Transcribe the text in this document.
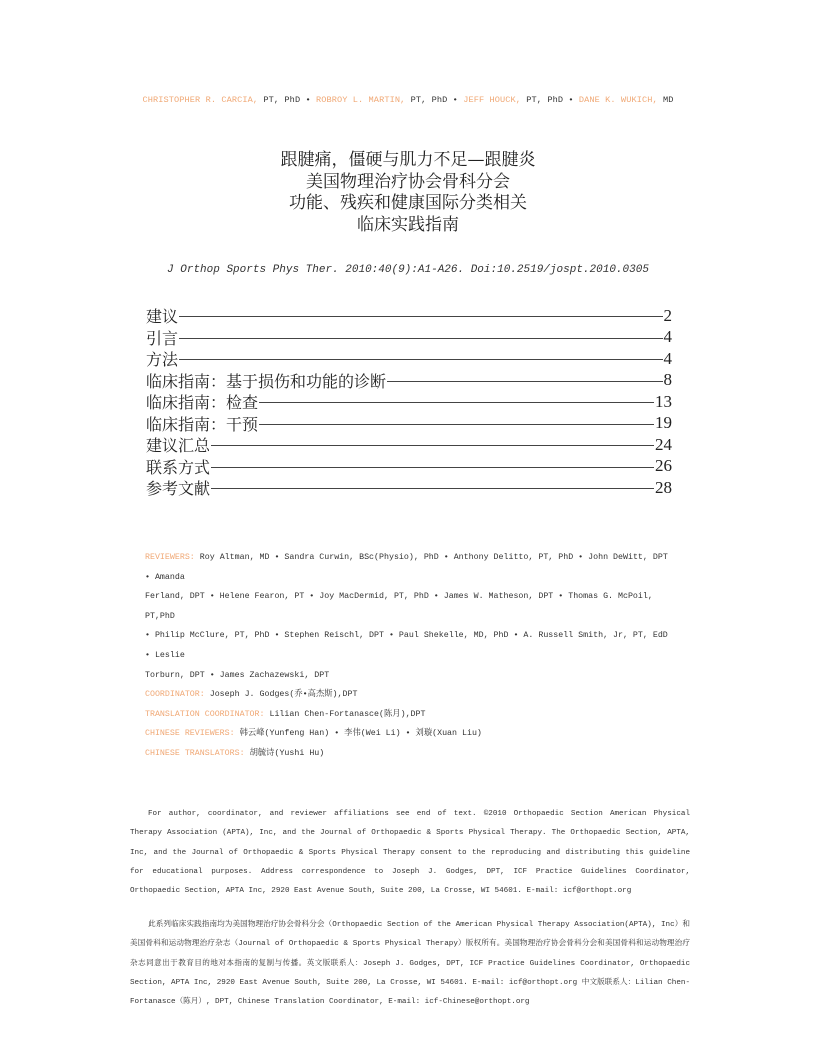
CHRISTOPHER R. CARCIA, PT, PhD • ROBROY L. MARTIN, PT, PhD • JEFF HOUCK, PT, PhD • DANE K. WUKICH, MD
跟腱痛，僵硬与肌力不足—跟腱炎
美国物理治疗协会骨科分会
功能、残疾和健康国际分类相关
临床实践指南
J Orthop Sports Phys Ther. 2010:40(9):A1-A26. Doi:10.2519/jospt.2010.0305
建议	2
引言	4
方法	4
临床指南：基于损伤和功能的诊断	8
临床指南：检查	13
临床指南：干预	19
建议汇总	24
联系方式	26
参考文献	28
REVIEWERS: Roy Altman, MD • Sandra Curwin, BSc(Physio), PhD • Anthony Delitto, PT, PhD • John DeWitt, DPT • Amanda
Ferland, DPT • Helene Fearon, PT • Joy MacDermid, PT, PhD • James W. Matheson, DPT • Thomas G. McPoil, PT,PhD
• Philip McClure, PT, PhD • Stephen Reischl, DPT • Paul Shekelle, MD, PhD • A. Russell Smith, Jr, PT, EdD • Leslie
Torburn, DPT • James Zachazewski, DPT
COORDINATOR: Joseph J. Godges(乔•高杰斯),DPT
TRANSLATION COORDINATOR: Lilian Chen-Fortanasce(陈月),DPT
CHINESE REVIEWERS: 韩云峰(Yunfeng Han) • 李伟(Wei Li) • 刘璇(Xuan Liu)
CHINESE TRANSLATORS: 胡毓诗(Yushi Hu)
For author, coordinator, and reviewer affiliations see end of text. ©2010 Orthopaedic Section American Physical Therapy Association (APTA), Inc, and the Journal of Orthopaedic & Sports Physical Therapy. The Orthopaedic Section, APTA, Inc, and the Journal of Orthopaedic & Sports Physical Therapy consent to the reproducing and distributing this guideline for educational purposes. Address correspondence to Joseph J. Godges, DPT, ICF Practice Guidelines Coordinator, Orthopaedic Section, APTA Inc, 2920 East Avenue South, Suite 200, La Crosse, WI 54601. E-mail: icf@orthopt.org
此系列临床实践指南均为美国物理治疗协会骨科分会（Orthopaedic Section of the American Physical Therapy Association(APTA), Inc）和美国骨科和运动物理治疗杂志（Journal of Orthopaedic & Sports Physical Therapy）版权所有。美国物理治疗协会骨科分会和美国骨科和运动物理治疗杂志同意出于教育目的地对本指南的复制与传播。英文版联系人：Joseph J. Godges, DPT, ICF Practice Guidelines Coordinator, Orthopaedic Section, APTA Inc, 2920 East Avenue South, Suite 200, La Crosse, WI 54601. E-mail: icf@orthopt.org 中文版联系人：Lilian Chen-Fortanasce（陈月）, DPT, Chinese Translation Coordinator, E-mail: icf-Chinese@orthopt.org
